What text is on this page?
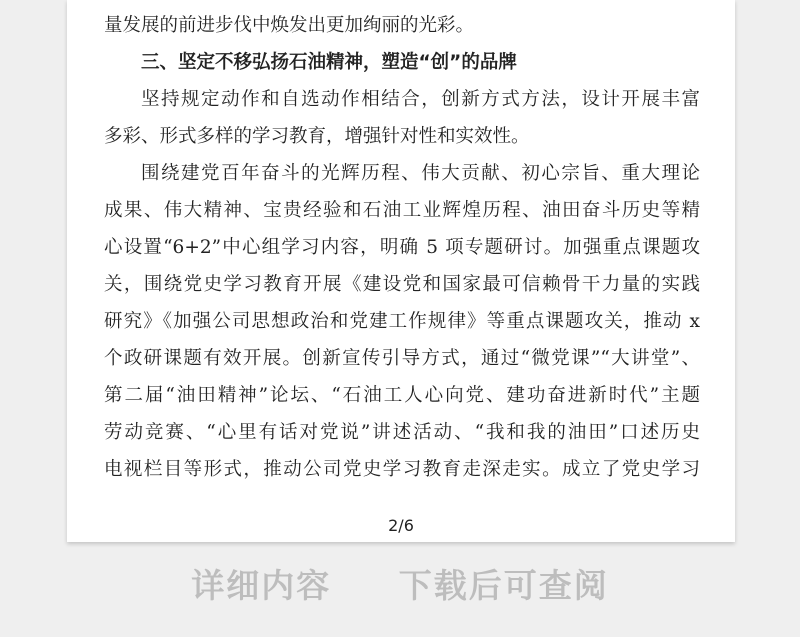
量发展的前进步伐中焕发出更加绚丽的光彩。
三、坚定不移弘扬石油精神，塑造“创”的品牌
坚持规定动作和自选动作相结合，创新方式方法，设计开展丰富
多彩、形式多样的学习教育，增强针对性和实效性。
围绕建党百年奋斗的光辉历程、伟大贡献、初心宗旨、重大理论
成果、伟大精神、宝贵经验和石油工业辉煌历程、油田奋斗历史等精
心设置“6+2”中心组学习内容，明确 5 项专题研讨。加强重点课题攻
关，围绕党史学习教育开展《建设党和国家最可信赖骨干力量的实践
研究》《加强公司思想政治和党建工作规律》等重点课题攻关，推动 x
个政研课题有效开展。创新宣传引导方式，通过“微党课”“大讲堂”、
第二届“油田精神”论坛、“石油工人心向党、建功奋进新时代”主题
劳动竞赛、“心里有话对党说”讲述活动、“我和我的油田”口述历史
电视栏目等形式，推动公司党史学习教育走深走实。成立了党史学习
2/6
详细内容 下载后可查阅
